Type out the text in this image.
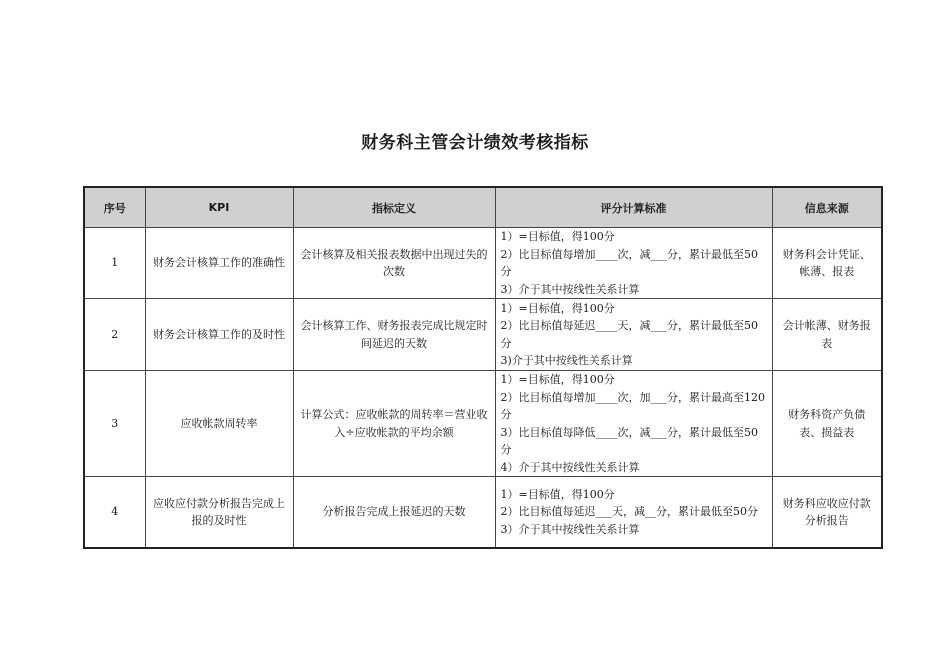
财务科主管会计绩效考核指标
序号	KPI	指标定义	评分计算标准	信息来源
1	财务会计核算工作的准确性	会计核算及相关报表数据中出现过失的次数	1）=目标值，得100分
2）比目标值每增加____次，减___分，累计最低至50分
3）介于其中按线性关系计算	财务科会计凭证、帐薄、报表
2	财务会计核算工作的及时性	会计核算工作、财务报表完成比规定时间延迟的天数	1）=目标值，得100分
2）比目标值每延迟____天，减___分，累计最低至50分
3)介于其中按线性关系计算	会计帐薄、财务报表
3	应收帐款周转率	计算公式：应收帐款的周转率＝营业收入÷应收帐款的平均余额	1）=目标值，得100分
2）比目标值每增加____次，加___分，累计最高至120分
3）比目标值每降低____次，减___分，累计最低至50分
4）介于其中按线性关系计算	财务科资产负债表、损益表
4	应收应付款分析报告完成上报的及时性	分析报告完成上报延迟的天数	1）=目标值，得100分
2）比目标值每延迟___天，减__分，累计最低至50分
3）介于其中按线性关系计算	财务科应收应付款分析报告
